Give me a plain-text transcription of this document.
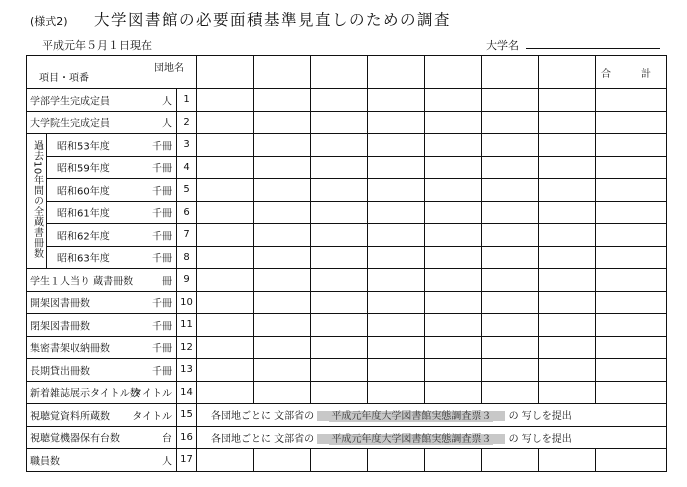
(様式2) 大学図書館の必要面積基準見直しのための調査
平成元年５月１日現在	大学名
団地名
項目・項番										合　計

学部学生完成定員 人		1								

大学院生完成定員 人		2								
過去10年間の全蔵書冊数	昭和53年度 千冊	3								

	昭和59年度 千冊	4								

	昭和60年度 千冊	5								

	昭和61年度 千冊	6								

	昭和62年度 千冊	7								

	昭和63年度 千冊	8								

学生１人当り 蔵書冊数 冊		9								

開架図書冊数 千冊		10								

閉架図書冊数 千冊		11								

集密書架収納冊数 千冊		12								

長期貸出冊数 千冊		13								

新着雑誌展示タイトル数
タイトル		14								

視聴覚資料所蔵数 タイトル		15	各団地ごとに 文部省の 平成元年度大学図書館実態調査票３ の 写しを提出							

視聴覚機器保有台数 台		16	各団地ごとに 文部省の 平成元年度大学図書館実態調査票３ の 写しを提出							

職員数 人		17								
